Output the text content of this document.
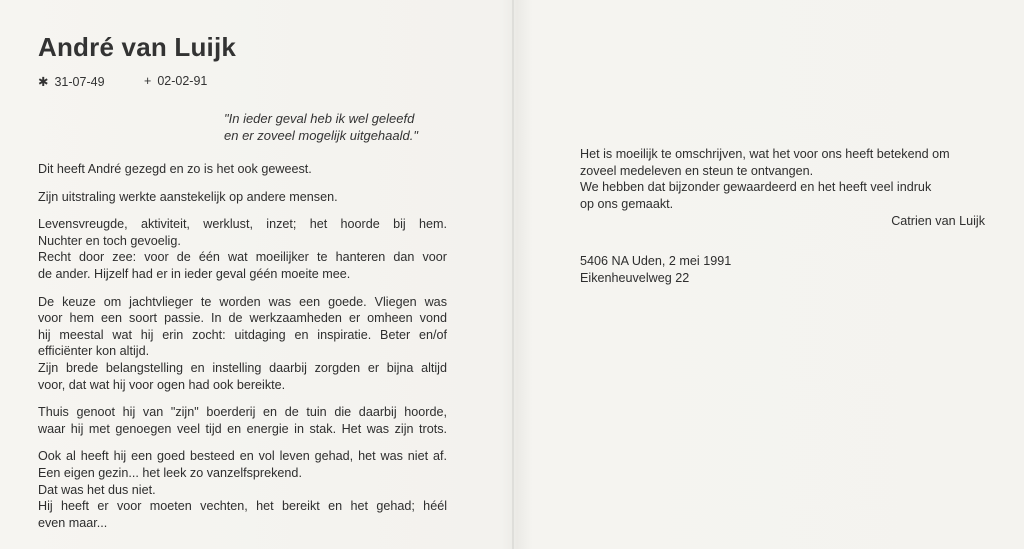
André van Luijk
✱ 31-07-49	+ 02-02-91
"In ieder geval heb ik wel geleefd
en er zoveel mogelijk uitgehaald."

Dit heeft André gezegd en zo is het ook geweest.

Zijn uitstraling werkte aanstekelijk op andere mensen.

Levensvreugde, aktiviteit, werklust, inzet; het hoorde bij hem.
Nuchter en toch gevoelig.
Recht door zee: voor de één wat moeilijker te hanteren dan voor
de ander. Hijzelf had er in ieder geval géén moeite mee.

De keuze om jachtvlieger te worden was een goede. Vliegen was
voor hem een soort passie. In de werkzaamheden er omheen vond
hij meestal wat hij erin zocht: uitdaging en inspiratie. Beter en/of
efficiënter kon altijd.
Zijn brede belangstelling en instelling daarbij zorgden er bijna altijd
voor, dat wat hij voor ogen had ook bereikte.

Thuis genoot hij van "zijn" boerderij en de tuin die daarbij hoorde,
waar hij met genoegen veel tijd en energie in stak. Het was zijn trots.

Ook al heeft hij een goed besteed en vol leven gehad, het was niet af.
Een eigen gezin... het leek zo vanzelfsprekend.
Dat was het dus niet.
Hij heeft er voor moeten vechten, het bereikt en het gehad; héél
even maar...

Het is moeilijk te omschrijven, wat het voor ons heeft betekend om
zoveel medeleven en steun te ontvangen.
We hebben dat bijzonder gewaardeerd en het heeft veel indruk
op ons gemaakt.
Catrien van Luijk
5406 NA Uden, 2 mei 1991
Eikenheuvelweg 22
